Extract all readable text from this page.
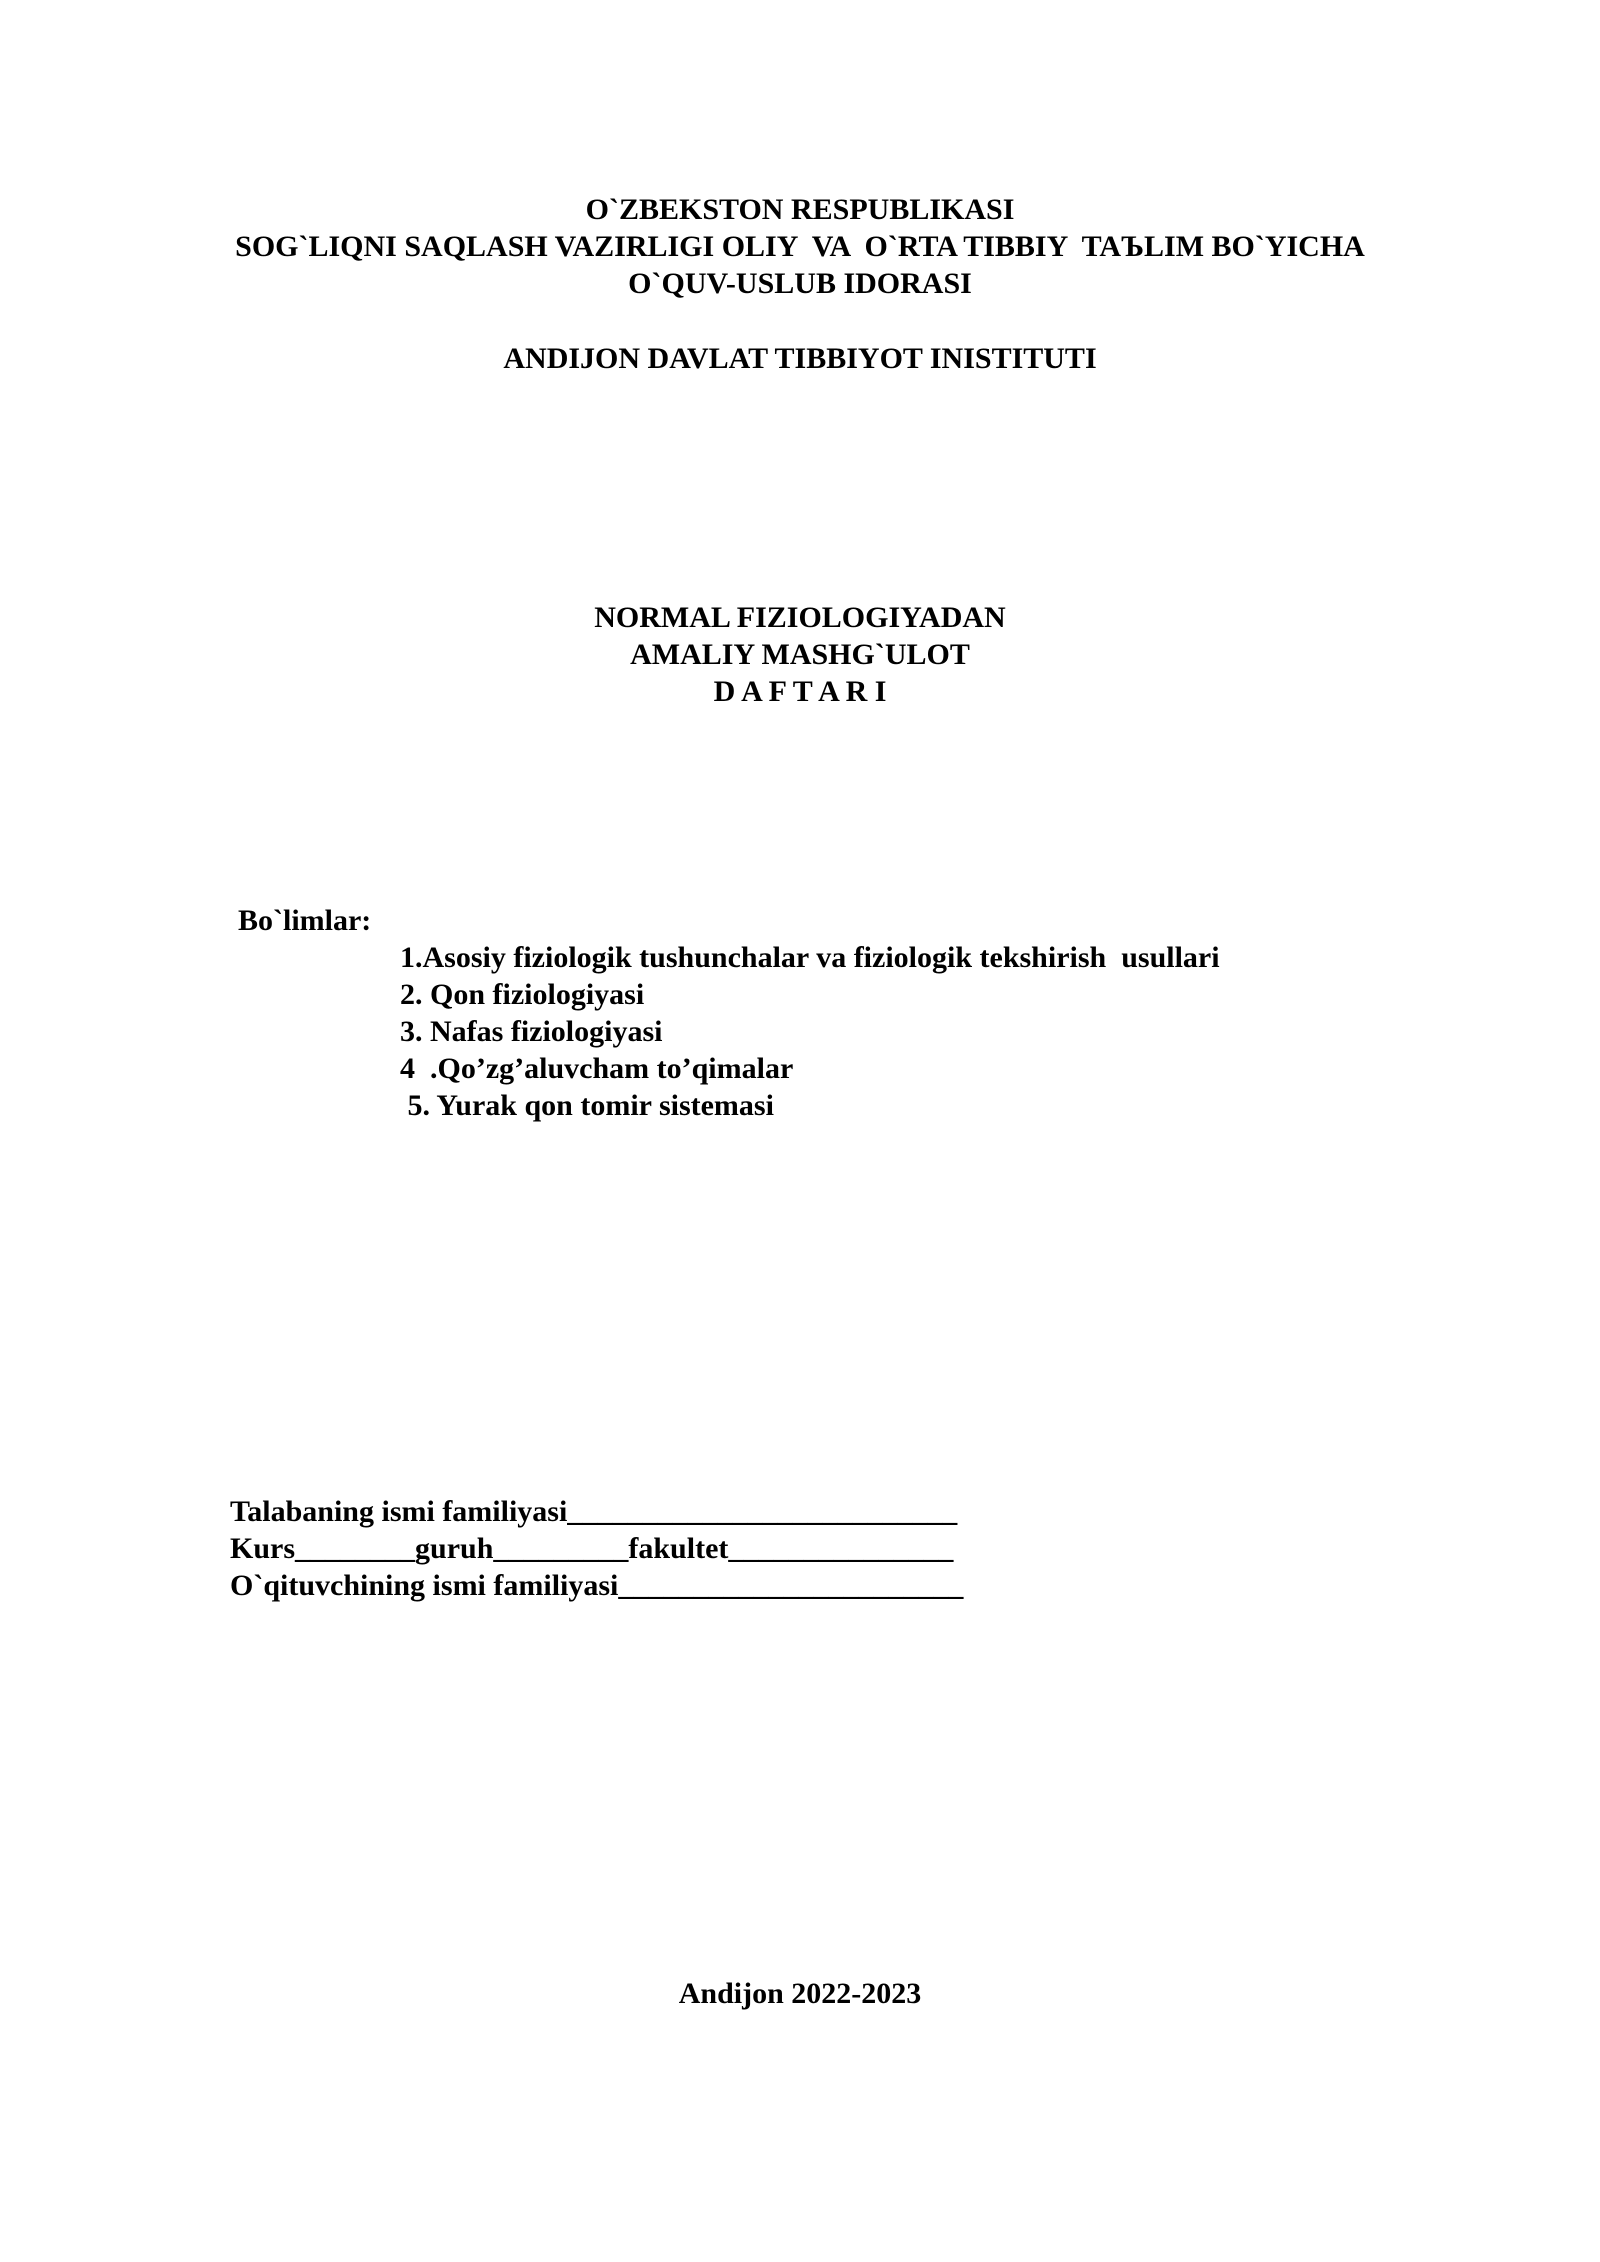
O`ZBEKSTON RESPUBLIKASI
SOG`LIQNI SAQLASH VAZIRLIGI OLIY  VA  O`RTA TIBBIY  TAЪLIM BO`YICHA
O`QUV-USLUB IDORASI
ANDIJON DAVLAT TIBBIYOT INISTITUTI
NORMAL FIZIOLOGIYADAN
AMALIY MASHG`ULOT
D A F T A R I
Bo`limlar:
1.Asosiy fiziologik tushunchalar va fiziologik tekshirish  usullari
2. Qon fiziologiyasi
3. Nafas fiziologiyasi
4  .Qo’zg’aluvcham to’qimalar
5. Yurak qon tomir sistemasi
Talabaning ismi familiyasi__________________________
Kurs________guruh_________fakultet_______________
O`qituvchining ismi familiyasi_______________________
Andijon 2022-2023
